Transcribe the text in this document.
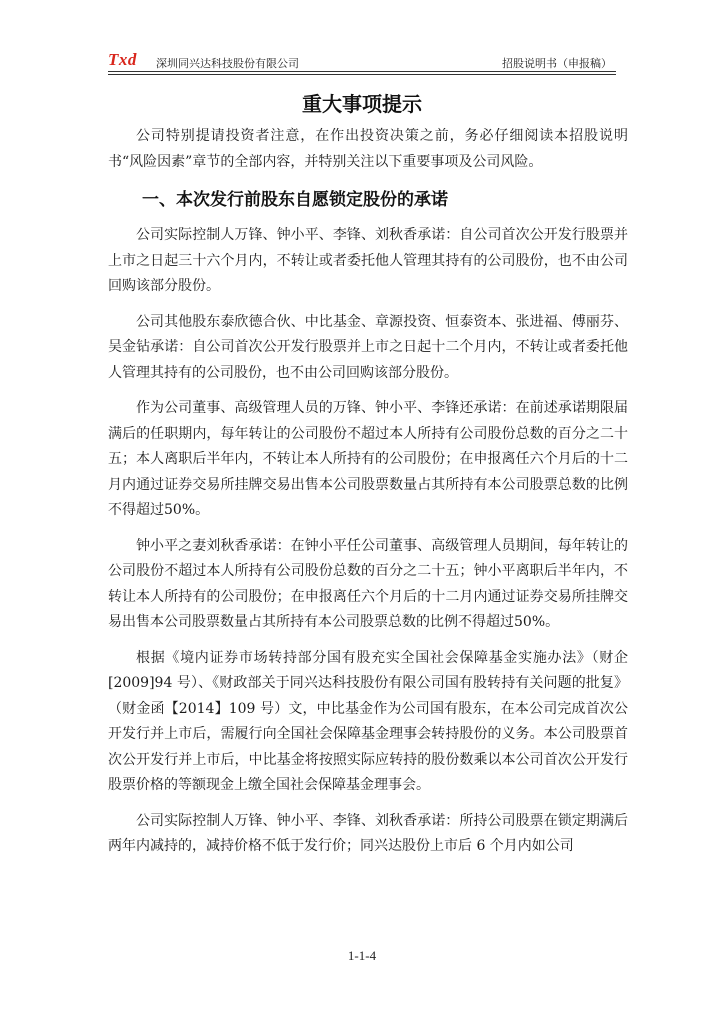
Txd 深圳同兴达科技股份有限公司	招股说明书（申报稿）
重大事项提示

公司特别提请投资者注意，在作出投资决策之前，务必仔细阅读本招股说明书“风险因素”章节的全部内容，并特别关注以下重要事项及公司风险。

一、本次发行前股东自愿锁定股份的承诺

公司实际控制人万锋、钟小平、李锋、刘秋香承诺：自公司首次公开发行股票并上市之日起三十六个月内，不转让或者委托他人管理其持有的公司股份，也不由公司回购该部分股份。

公司其他股东泰欣德合伙、中比基金、章源投资、恒泰资本、张进福、傅丽芬、吴金钻承诺：自公司首次公开发行股票并上市之日起十二个月内，不转让或者委托他人管理其持有的公司股份，也不由公司回购该部分股份。

作为公司董事、高级管理人员的万锋、钟小平、李锋还承诺：在前述承诺期限届满后的任职期内，每年转让的公司股份不超过本人所持有公司股份总数的百分之二十五；本人离职后半年内，不转让本人所持有的公司股份；在申报离任六个月后的十二月内通过证券交易所挂牌交易出售本公司股票数量占其所持有本公司股票总数的比例不得超过50%。

钟小平之妻刘秋香承诺：在钟小平任公司董事、高级管理人员期间，每年转让的公司股份不超过本人所持有公司股份总数的百分之二十五；钟小平离职后半年内，不转让本人所持有的公司股份；在申报离任六个月后的十二月内通过证券交易所挂牌交易出售本公司股票数量占其所持有本公司股票总数的比例不得超过50%。

根据《境内证券市场转持部分国有股充实全国社会保障基金实施办法》（财企[2009]94 号）、《财政部关于同兴达科技股份有限公司国有股转持有关问题的批复》（财金函【2014】109 号）文，中比基金作为公司国有股东，在本公司完成首次公开发行并上市后，需履行向全国社会保障基金理事会转持股份的义务。本公司股票首次公开发行并上市后，中比基金将按照实际应转持的股份数乘以本公司首次公开发行股票价格的等额现金上缴全国社会保障基金理事会。

公司实际控制人万锋、钟小平、李锋、刘秋香承诺：所持公司股票在锁定期满后两年内减持的，减持价格不低于发行价；同兴达股份上市后 6 个月内如公司

1-1-4
